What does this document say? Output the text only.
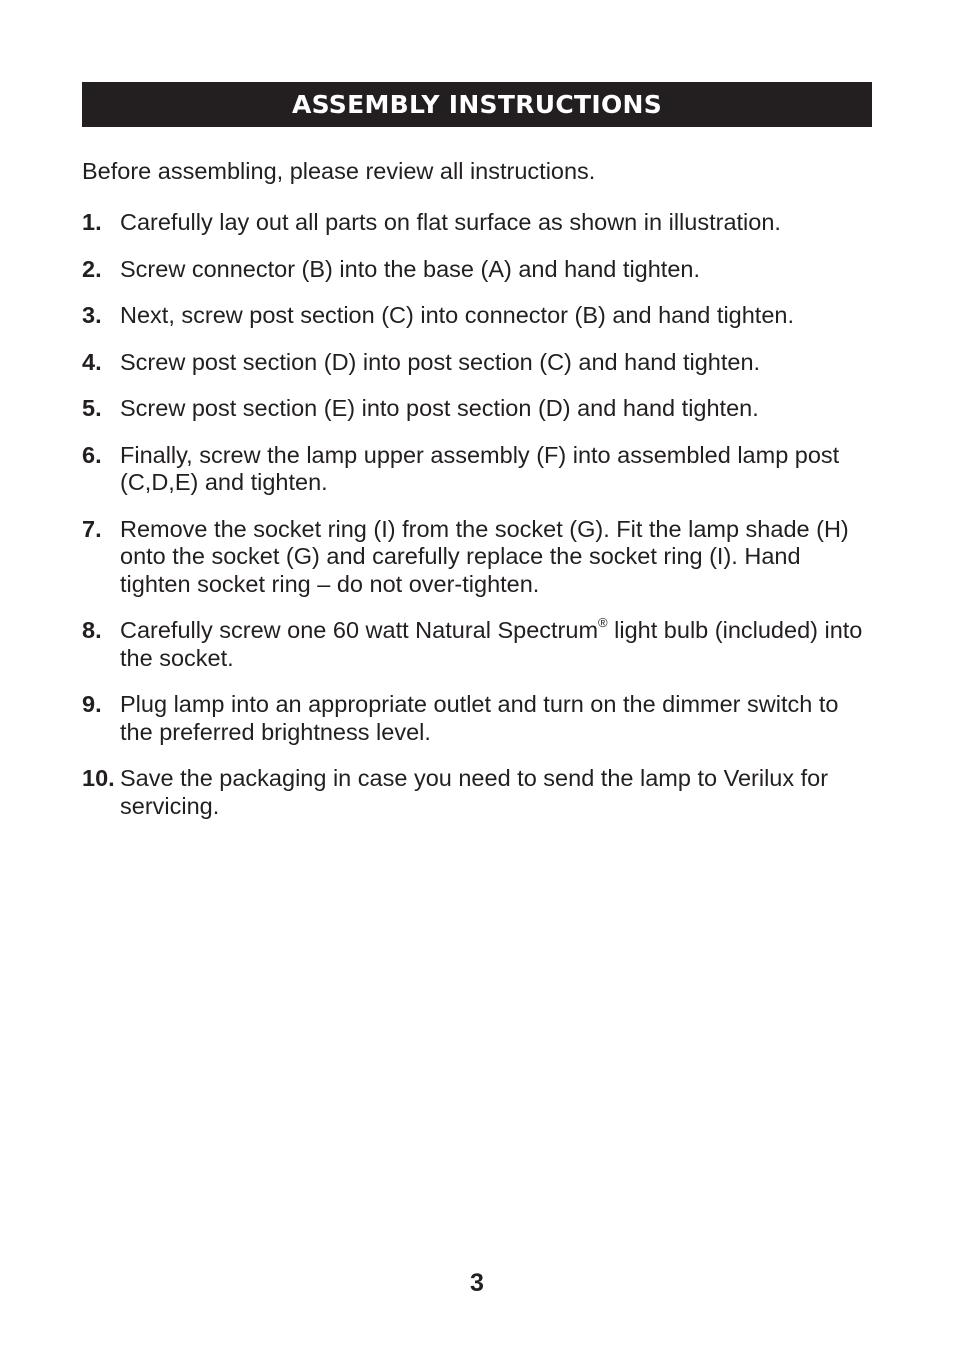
ASSEMBLY INSTRUCTIONS

Before assembling, please review all instructions.

1. Carefully lay out all parts on flat surface as shown in illustration.
2. Screw connector (B) into the base (A) and hand tighten.
3. Next, screw post section (C) into connector (B) and hand tighten.
4. Screw post section (D) into post section (C) and hand tighten.
5. Screw post section (E) into post section (D) and hand tighten.
6. Finally, screw the lamp upper assembly (F) into assembled lamp post (C,D,E) and tighten.
7. Remove the socket ring (I) from the socket (G). Fit the lamp shade (H) onto the socket (G) and carefully replace the socket ring (I). Hand tighten socket ring – do not over-tighten.
8. Carefully screw one 60 watt Natural Spectrum® light bulb (included) into the socket.
9. Plug lamp into an appropriate outlet and turn on the dimmer switch to the preferred brightness level.
10. Save the packaging in case you need to send the lamp to Verilux for servicing.
3
